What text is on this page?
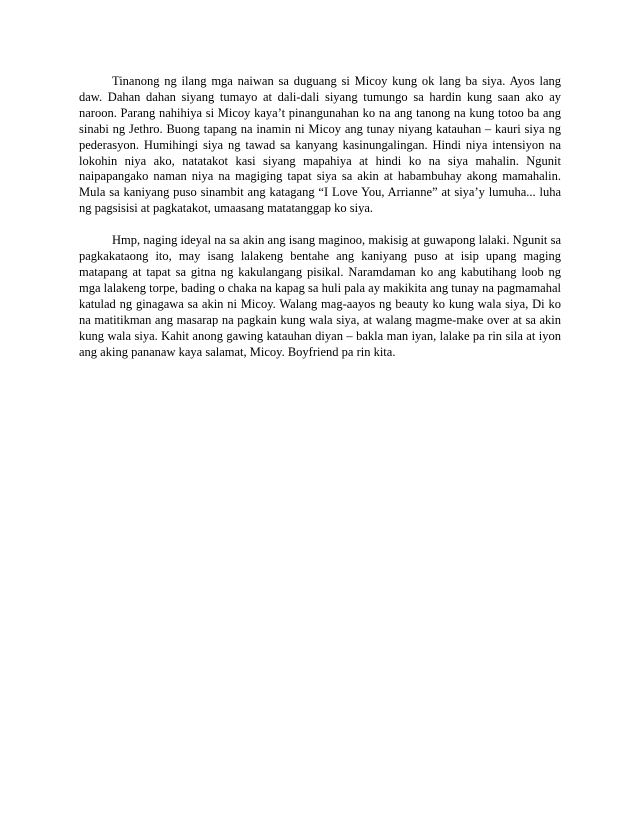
Tinanong ng ilang mga naiwan sa duguang si Micoy kung ok lang ba siya. Ayos lang daw. Dahan dahan siyang tumayo at dali-dali siyang tumungo sa hardin kung saan ako ay naroon. Parang nahihiya si Micoy kaya’t pinangunahan ko na ang tanong na kung totoo ba ang sinabi ng Jethro. Buong tapang na inamin ni Micoy ang tunay niyang katauhan – kauri siya ng pederasyon. Humihingi siya ng tawad sa kanyang kasinungalingan. Hindi niya intensiyon na lokohin niya ako, natatakot kasi siyang mapahiya at hindi ko na siya mahalin. Ngunit naipapangako naman niya na magiging tapat siya sa akin at habambuhay akong mamahalin. Mula sa kaniyang puso sinambit ang katagang “I Love You, Arrianne” at siya’y lumuha... luha ng pagsisisi at pagkatakot, umaasang matatanggap ko siya.

Hmp, naging ideyal na sa akin ang isang maginoo, makisig at guwapong lalaki. Ngunit sa pagkakataong ito, may isang lalakeng bentahe ang kaniyang puso at isip upang maging matapang at tapat sa gitna ng kakulangang pisikal. Naramdaman ko ang kabutihang loob ng mga lalakeng torpe, bading o chaka na kapag sa huli pala ay makikita ang tunay na pagmamahal katulad ng ginagawa sa akin ni Micoy. Walang mag-aayos ng beauty ko kung wala siya, Di ko na matitikman ang masarap na pagkain kung wala siya, at walang magme-make over at sa akin kung wala siya. Kahit anong gawing katauhan diyan – bakla man iyan, lalake pa rin sila at iyon ang aking pananaw kaya salamat, Micoy. Boyfriend pa rin kita.
